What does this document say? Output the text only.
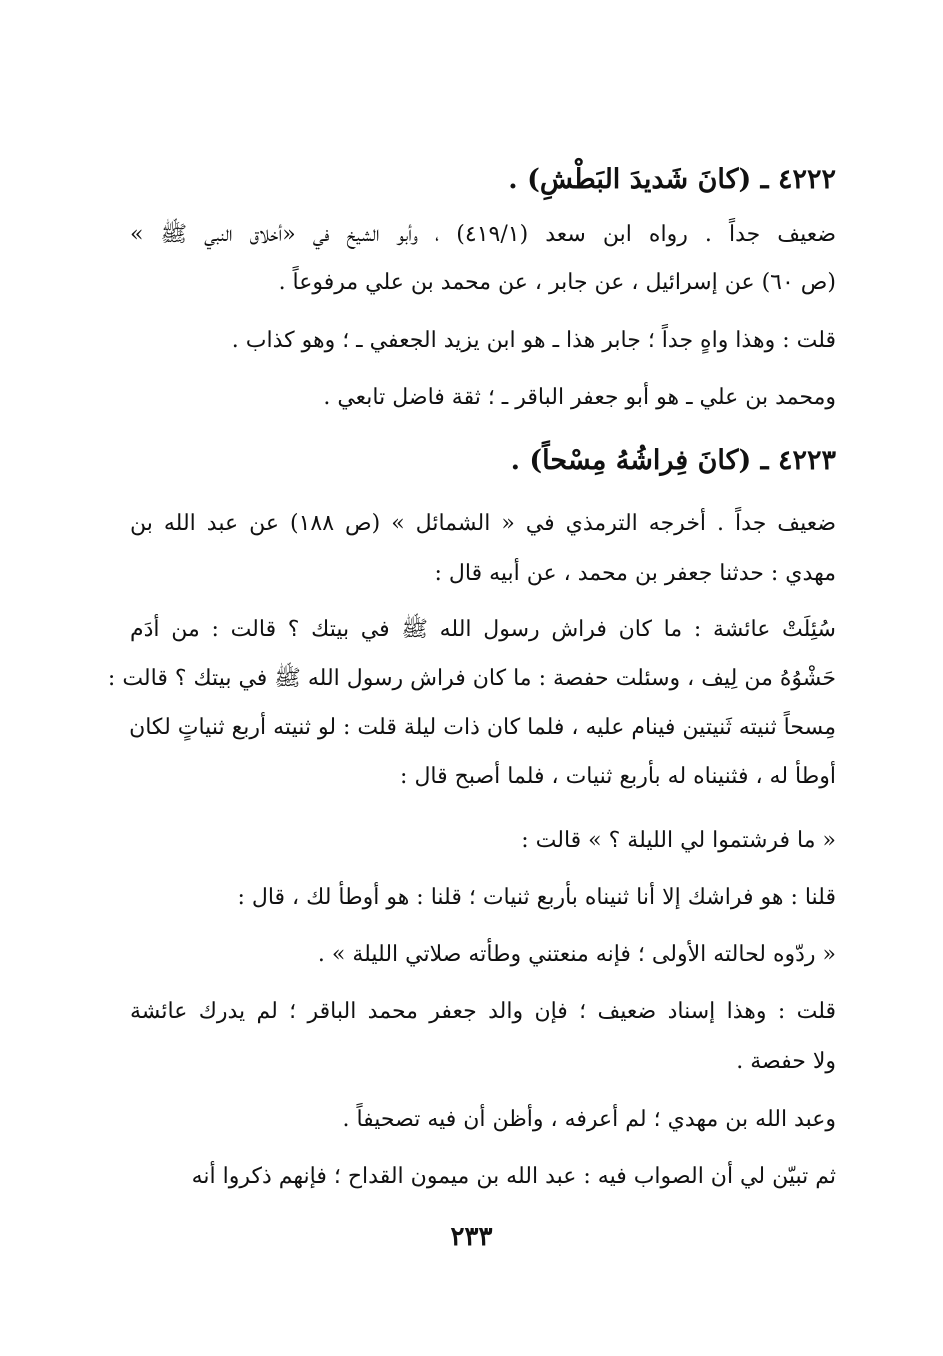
٤٢٢٢ ـ (كانَ شَديدَ البَطْشِ) .
ضعيف جداً . رواه ابن سعد (٤١٩/١) ، وأبو الشيخ في «أخلاق النبي ﷺ »
(ص ٦٠) عن إسرائيل ، عن جابر ، عن محمد بن علي مرفوعاً .
قلت : وهذا واهٍ جداً ؛ جابر هذا ـ هو ابن يزيد الجعفي ـ ؛ وهو كذاب .
ومحمد بن علي ـ هو أبو جعفر الباقر ـ ؛ ثقة فاضل تابعي .
٤٢٢٣ ـ (كانَ فِراشُهُ مِسْحاً) .
ضعيف جداً . أخرجه الترمذي في « الشمائل » (ص ١٨٨) عن عبد الله بن
مهدي : حدثنا جعفر بن محمد ، عن أبيه قال :
سُئِلَتْ عائشة : ما كان فراش رسول الله ﷺ في بيتك ؟ قالت : من أدَم
حَشْوُهُ من لِيف ، وسئلت حفصة : ما كان فراش رسول الله ﷺ في بيتك ؟ قالت :
مِسحاً ثنيته ثَنيتين فينام عليه ، فلما كان ذات ليلة قلت : لو ثنيته أربع ثنياتٍ لكان
أوطأ له ، فثنيناه له بأربع ثنيات ، فلما أصبح قال :
« ما فرشتموا لي الليلة ؟ » قالت :
قلنا : هو فراشك إلا أنا ثنيناه بأربع ثنيات ؛ قلنا : هو أوطأ لك ، قال :
« ردّوه لحالته الأولى ؛ فإنه منعتني وطأته صلاتي الليلة » .
قلت : وهذا إسناد ضعيف ؛ فإن والد جعفر محمد الباقر ؛ لم يدرك عائشة
ولا حفصة .
وعبد الله بن مهدي ؛ لم أعرفه ، وأظن أن فيه تصحيفاً .
ثم تبيّن لي أن الصواب فيه : عبد الله بن ميمون القداح ؛ فإنهم ذكروا أنه
٢٣٣
